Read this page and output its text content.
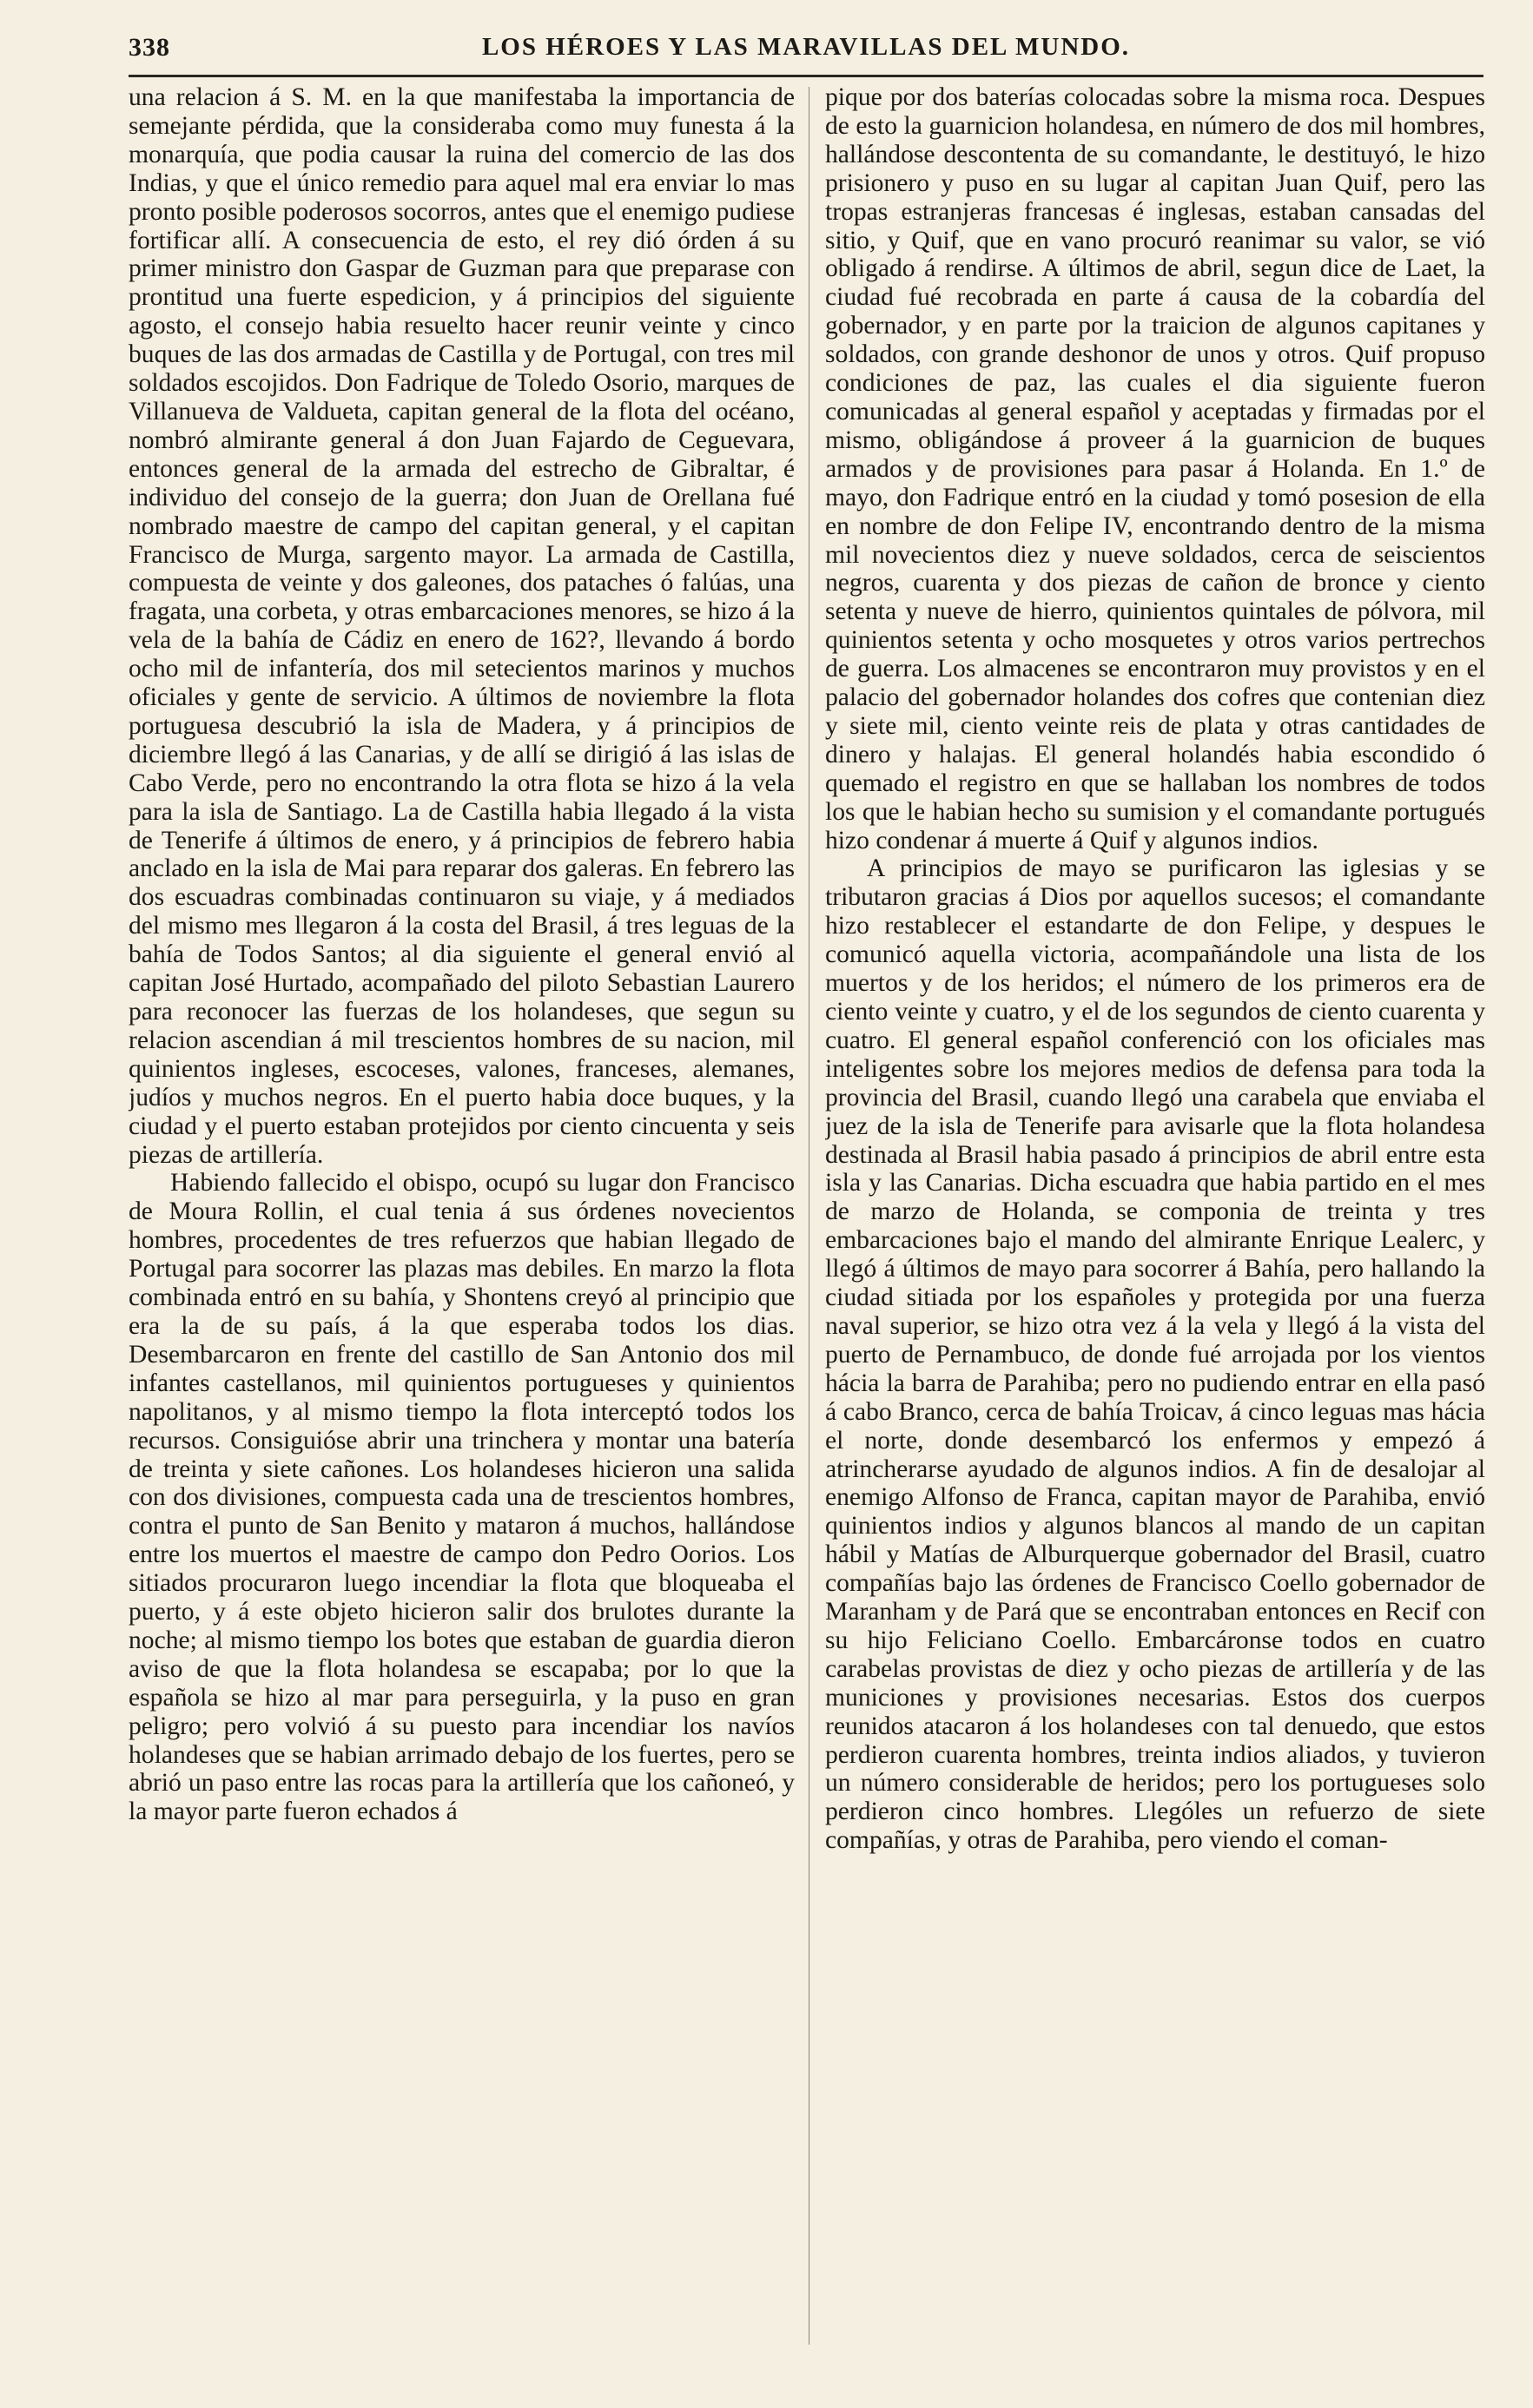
338	LOS HÉROES Y LAS MARAVILLAS DEL MUNDO.

una relacion á S. M. en la que manifestaba la importancia de semejante pérdida, que la consideraba como muy funesta á la monarquía, que podia causar la ruina del comercio de las dos Indias, y que el único remedio para aquel mal era enviar lo mas pronto posible poderosos socorros, antes que el enemigo pudiese fortificar allí. A consecuencia de esto, el rey dió órden á su primer ministro don Gaspar de Guzman para que preparase con prontitud una fuerte espedicion, y á principios del siguiente agosto, el consejo habia resuelto hacer reunir veinte y cinco buques de las dos armadas de Castilla y de Portugal, con tres mil soldados escojidos. Don Fadrique de Toledo Osorio, marques de Villanueva de Valdueta, capitan general de la flota del océano, nombró almirante general á don Juan Fajardo de Ceguevara, entonces general de la armada del estrecho de Gibraltar, é individuo del consejo de la guerra; don Juan de Orellana fué nombrado maestre de campo del capitan general, y el capitan Francisco de Murga, sargento mayor. La armada de Castilla, compuesta de veinte y dos galeones, dos pataches ó falúas, una fragata, una corbeta, y otras embarcaciones menores, se hizo á la vela de la bahía de Cádiz en enero de 162?, llevando á bordo ocho mil de infantería, dos mil setecientos marinos y muchos oficiales y gente de servicio. A últimos de noviembre la flota portuguesa descubrió la isla de Madera, y á principios de diciembre llegó á las Canarias, y de allí se dirigió á las islas de Cabo Verde, pero no encontrando la otra flota se hizo á la vela para la isla de Santiago. La de Castilla habia llegado á la vista de Tenerife á últimos de enero, y á principios de febrero habia anclado en la isla de Mai para reparar dos galeras. En febrero las dos escuadras combinadas continuaron su viaje, y á mediados del mismo mes llegaron á la costa del Brasil, á tres leguas de la bahía de Todos Santos; al dia siguiente el general envió al capitan José Hurtado, acompañado del piloto Sebastian Laurero para reconocer las fuerzas de los holandeses, que segun su relacion ascendian á mil trescientos hombres de su nacion, mil quinientos ingleses, escoceses, valones, franceses, alemanes, judíos y muchos negros. En el puerto habia doce buques, y la ciudad y el puerto estaban protejidos por ciento cincuenta y seis piezas de artillería.

Habiendo fallecido el obispo, ocupó su lugar don Francisco de Moura Rollin, el cual tenia á sus órdenes novecientos hombres, procedentes de tres refuerzos que habian llegado de Portugal para socorrer las plazas mas debiles. En marzo la flota combinada entró en su bahía, y Shontens creyó al principio que era la de su país, á la que esperaba todos los dias. Desembarcaron en frente del castillo de San Antonio dos mil infantes castellanos, mil quinientos portugueses y quinientos napolitanos, y al mismo tiempo la flota interceptó todos los recursos. Consiguióse abrir una trinchera y montar una batería de treinta y siete cañones. Los holandeses hicieron una salida con dos divisiones, compuesta cada una de trescientos hombres, contra el punto de San Benito y mataron á muchos, hallándose entre los muertos el maestre de campo don Pedro Oorios. Los sitiados procuraron luego incendiar la flota que bloqueaba el puerto, y á este objeto hicieron salir dos brulotes durante la noche; al mismo tiempo los botes que estaban de guardia dieron aviso de que la flota holandesa se escapaba; por lo que la española se hizo al mar para perseguirla, y la puso en gran peligro; pero volvió á su puesto para incendiar los navíos holandeses que se habian arrimado debajo de los fuertes, pero se abrió un paso entre las rocas para la artillería que los cañoneó, y la mayor parte fueron echados á

pique por dos baterías colocadas sobre la misma roca. Despues de esto la guarnicion holandesa, en número de dos mil hombres, hallándose descontenta de su comandante, le destituyó, le hizo prisionero y puso en su lugar al capitan Juan Quif, pero las tropas estranjeras francesas é inglesas, estaban cansadas del sitio, y Quif, que en vano procuró reanimar su valor, se vió obligado á rendirse. A últimos de abril, segun dice de Laet, la ciudad fué recobrada en parte á causa de la cobardía del gobernador, y en parte por la traicion de algunos capitanes y soldados, con grande deshonor de unos y otros. Quif propuso condiciones de paz, las cuales el dia siguiente fueron comunicadas al general español y aceptadas y firmadas por el mismo, obligándose á proveer á la guarnicion de buques armados y de provisiones para pasar á Holanda. En 1.º de mayo, don Fadrique entró en la ciudad y tomó posesion de ella en nombre de don Felipe IV, encontrando dentro de la misma mil novecientos diez y nueve soldados, cerca de seiscientos negros, cuarenta y dos piezas de cañon de bronce y ciento setenta y nueve de hierro, quinientos quintales de pólvora, mil quinientos setenta y ocho mosquetes y otros varios pertrechos de guerra. Los almacenes se encontraron muy provistos y en el palacio del gobernador holandes dos cofres que contenian diez y siete mil, ciento veinte reis de plata y otras cantidades de dinero y halajas. El general holandés habia escondido ó quemado el registro en que se hallaban los nombres de todos los que le habian hecho su sumision y el comandante portugués hizo condenar á muerte á Quif y algunos indios.

A principios de mayo se purificaron las iglesias y se tributaron gracias á Dios por aquellos sucesos; el comandante hizo restablecer el estandarte de don Felipe, y despues le comunicó aquella victoria, acompañándole una lista de los muertos y de los heridos; el número de los primeros era de ciento veinte y cuatro, y el de los segundos de ciento cuarenta y cuatro. El general español conferenció con los oficiales mas inteligentes sobre los mejores medios de defensa para toda la provincia del Brasil, cuando llegó una carabela que enviaba el juez de la isla de Tenerife para avisarle que la flota holandesa destinada al Brasil habia pasado á principios de abril entre esta isla y las Canarias. Dicha escuadra que habia partido en el mes de marzo de Holanda, se componia de treinta y tres embarcaciones bajo el mando del almirante Enrique Lealerc, y llegó á últimos de mayo para socorrer á Bahía, pero hallando la ciudad sitiada por los españoles y protegida por una fuerza naval superior, se hizo otra vez á la vela y llegó á la vista del puerto de Pernambuco, de donde fué arrojada por los vientos hácia la barra de Parahiba; pero no pudiendo entrar en ella pasó á cabo Branco, cerca de bahía Troicav, á cinco leguas mas hácia el norte, donde desembarcó los enfermos y empezó á atrincherarse ayudado de algunos indios. A fin de desalojar al enemigo Alfonso de Franca, capitan mayor de Parahiba, envió quinientos indios y algunos blancos al mando de un capitan hábil y Matías de Alburquerque gobernador del Brasil, cuatro compañías bajo las órdenes de Francisco Coello gobernador de Maranham y de Pará que se encontraban entonces en Recif con su hijo Feliciano Coello. Embarcáronse todos en cuatro carabelas provistas de diez y ocho piezas de artillería y de las municiones y provisiones necesarias. Estos dos cuerpos reunidos atacaron á los holandeses con tal denuedo, que estos perdieron cuarenta hombres, treinta indios aliados, y tuvieron un número considerable de heridos; pero los portugueses solo perdieron cinco hombres. Llególes un refuerzo de siete compañías, y otras de Parahiba, pero viendo el coman-
